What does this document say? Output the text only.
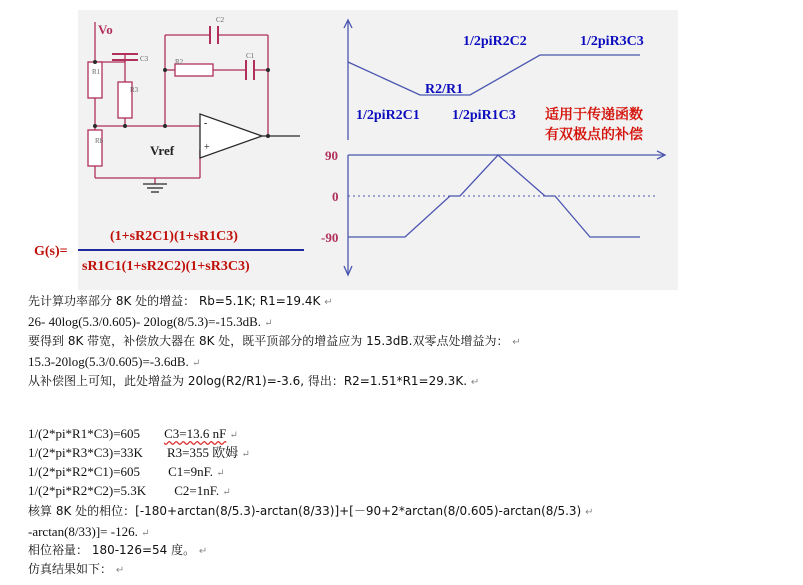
Vo
R1
R3
Rb
C3
C2
C1
R2
Vref
-
+
G(s)=
(1+sR2C1)(1+sR1C3)
sR1C1(1+sR2C2)(1+sR3C3)
1/2piR2C2	1/2piR3C3
R2/R1
1/2piR2C1 1/2piR1C3 适用于传递函数
有双极点的补偿
90
0
-90
先计算功率部分 8K 处的增益： Rb=5.1K; R1=19.4K ↵
26- 40log(5.3/0.605)- 20log(8/5.3)=-15.3dB. ↵
要得到 8K 带宽，补偿放大器在 8K 处，既平顶部分的增益应为 15.3dB.双零点处增益为： ↵
15.3-20log(5.3/0.605)=-3.6dB. ↵
从补偿图上可知，此处增益为 20log(R2/R1)=-3.6, 得出：R2=1.51*R1=29.3K. ↵
1/(2*pi*R1*C3)=605 C3=13.6 nF ↵
1/(2*pi*R3*C3)=33K R3=355 欧姆 ↵
1/(2*pi*R2*C1)=605 C1=9nF. ↵
1/(2*pi*R2*C2)=5.3K C2=1nF. ↵
核算 8K 处的相位：[-180+arctan(8/5.3)-arctan(8/33)]+[－90+2*arctan(8/0.605)-arctan(8/5.3) ↵
-arctan(8/33)]= -126. ↵
相位裕量： 180-126=54 度。 ↵
仿真结果如下： ↵
